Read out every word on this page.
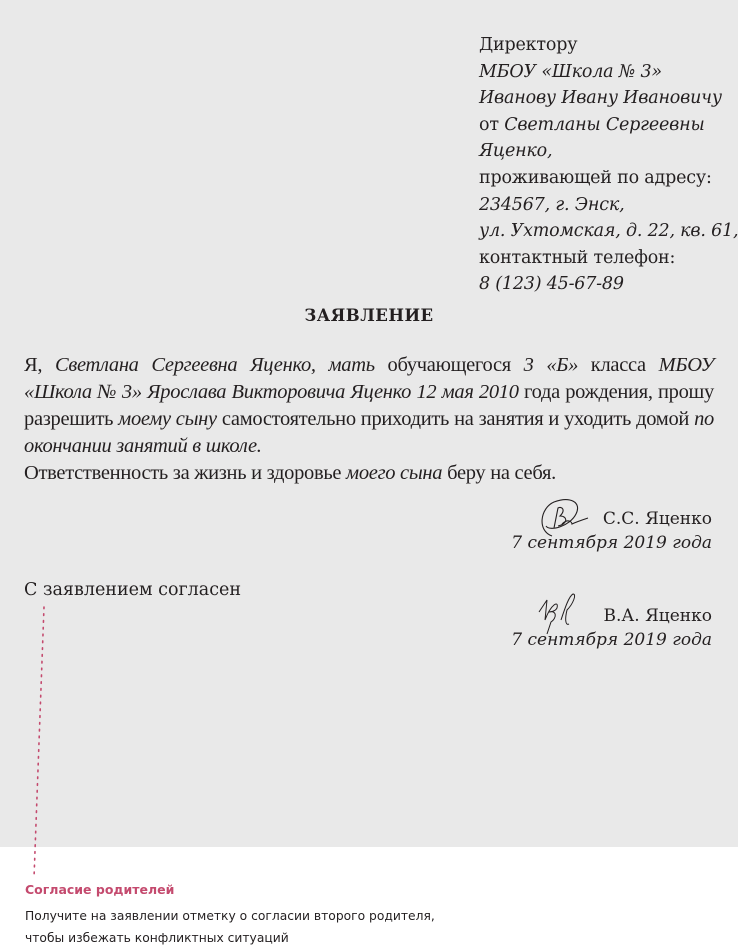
Директору
МБОУ «Школа № 3»
Иванову Ивану Ивановичу
от Светланы Сергеевны
Яценко,
проживающей по адресу:
234567, г. Энск,
ул. Ухтомская, д. 22, кв. 61,
контактный телефон:
8 (123) 45-67-89
ЗАЯВЛЕНИЕ

Я, Светлана Сергеевна Яценко, мать обучающегося 3 «Б» класса МБОУ «Школа № 3» Ярослава Викторовича Яценко 12 мая 2010 года рождения, прошу разрешить моему сыну самостоятельно приходить на занятия и уходить домой по окончании занятий в школе.

Ответственность за жизнь и здоровье моего сына беру на себя.

С.С. Яценко
7 сентября 2019 года
С заявлением согласен
В.А. Яценко
7 сентября 2019 года
Согласие родителей
Получите на заявлении отметку о согласии второго родителя,
чтобы избежать конфликтных ситуаций
